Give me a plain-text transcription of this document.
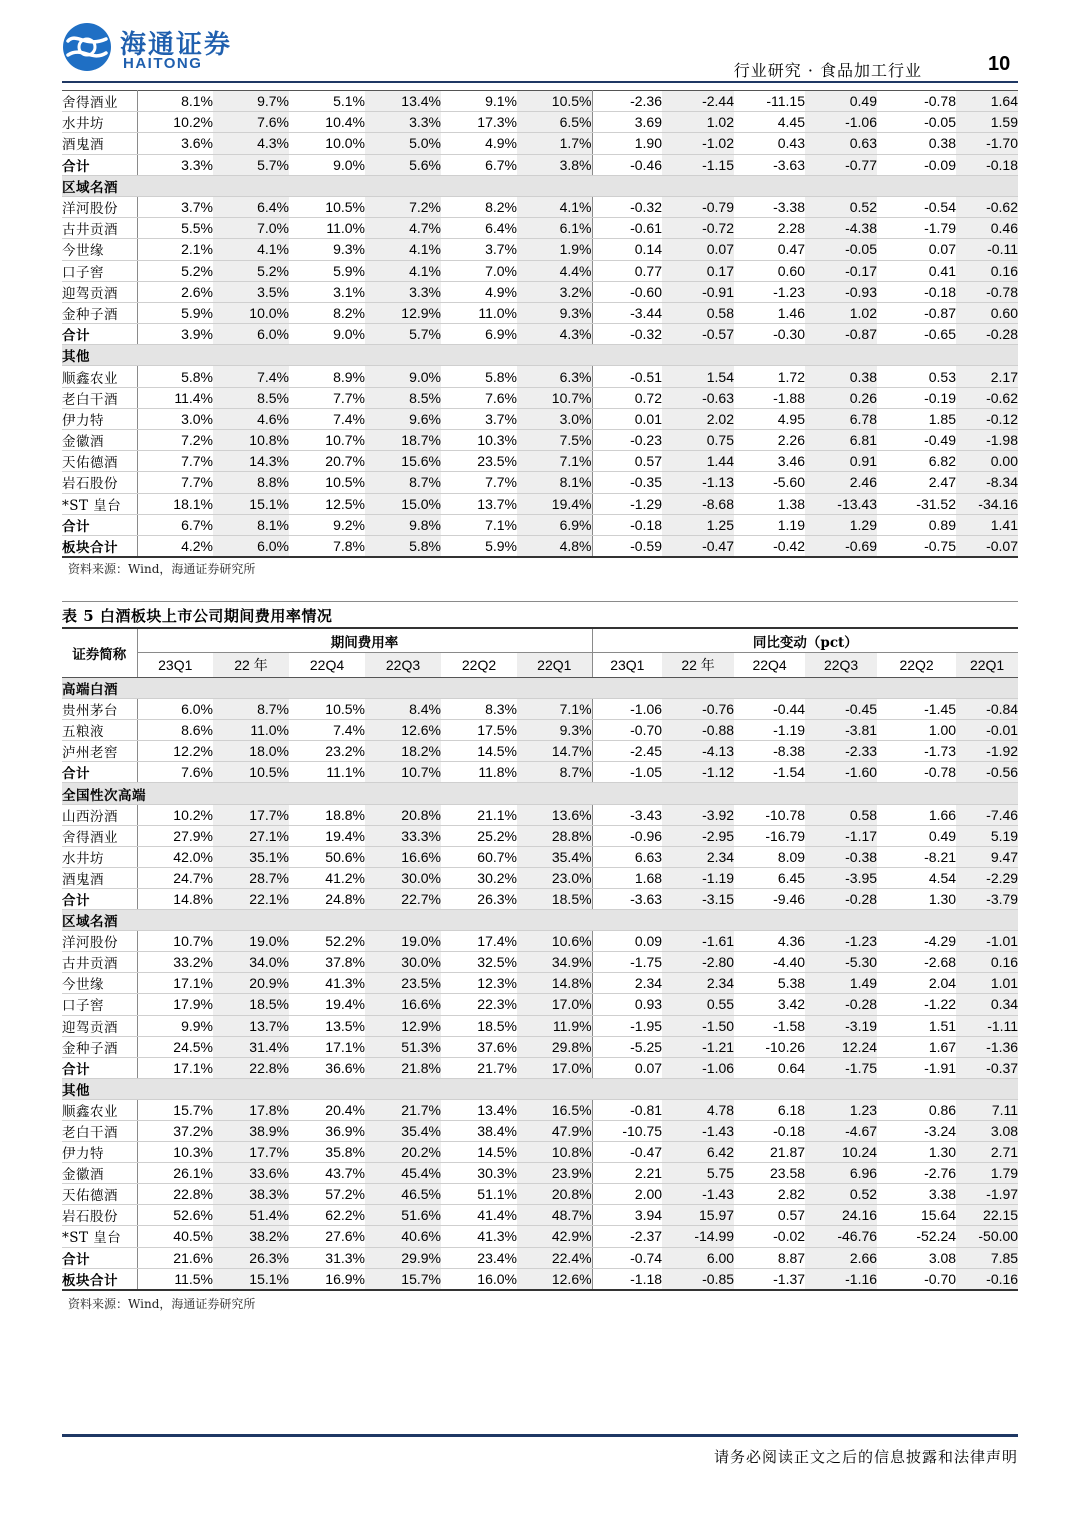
海通证券
HAITONG	行业研究 · 食品加工行业	10
舍得酒业	8.1%	9.7%	5.1%	13.4%	9.1%	10.5%	-2.36	-2.44	-11.15	0.49	-0.78	1.64
水井坊	10.2%	7.6%	10.4%	3.3%	17.3%	6.5%	3.69	1.02	4.45	-1.06	-0.05	1.59
酒鬼酒	3.6%	4.3%	10.0%	5.0%	4.9%	1.7%	1.90	-1.02	0.43	0.63	0.38	-1.70
合计	3.3%	5.7%	9.0%	5.6%	6.7%	3.8%	-0.46	-1.15	-3.63	-0.77	-0.09	-0.18
区域名酒												
洋河股份	3.7%	6.4%	10.5%	7.2%	8.2%	4.1%	-0.32	-0.79	-3.38	0.52	-0.54	-0.62
古井贡酒	5.5%	7.0%	11.0%	4.7%	6.4%	6.1%	-0.61	-0.72	2.28	-4.38	-1.79	0.46
今世缘	2.1%	4.1%	9.3%	4.1%	3.7%	1.9%	0.14	0.07	0.47	-0.05	0.07	-0.11
口子窖	5.2%	5.2%	5.9%	4.1%	7.0%	4.4%	0.77	0.17	0.60	-0.17	0.41	0.16
迎驾贡酒	2.6%	3.5%	3.1%	3.3%	4.9%	3.2%	-0.60	-0.91	-1.23	-0.93	-0.18	-0.78
金种子酒	5.9%	10.0%	8.2%	12.9%	11.0%	9.3%	-3.44	0.58	1.46	1.02	-0.87	0.60
合计	3.9%	6.0%	9.0%	5.7%	6.9%	4.3%	-0.32	-0.57	-0.30	-0.87	-0.65	-0.28
其他												
顺鑫农业	5.8%	7.4%	8.9%	9.0%	5.8%	6.3%	-0.51	1.54	1.72	0.38	0.53	2.17
老白干酒	11.4%	8.5%	7.7%	8.5%	7.6%	10.7%	0.72	-0.63	-1.88	0.26	-0.19	-0.62
伊力特	3.0%	4.6%	7.4%	9.6%	3.7%	3.0%	0.01	2.02	4.95	6.78	1.85	-0.12
金徽酒	7.2%	10.8%	10.7%	18.7%	10.3%	7.5%	-0.23	0.75	2.26	6.81	-0.49	-1.98
天佑德酒	7.7%	14.3%	20.7%	15.6%	23.5%	7.1%	0.57	1.44	3.46	0.91	6.82	0.00
岩石股份	7.7%	8.8%	10.5%	8.7%	7.7%	8.1%	-0.35	-1.13	-5.60	2.46	2.47	-8.34
*ST 皇台	18.1%	15.1%	12.5%	15.0%	13.7%	19.4%	-1.29	-8.68	1.38	-13.43	-31.52	-34.16
合计	6.7%	8.1%	9.2%	9.8%	7.1%	6.9%	-0.18	1.25	1.19	1.29	0.89	1.41
板块合计	4.2%	6.0%	7.8%	5.8%	5.9%	4.8%	-0.59	-0.47	-0.42	-0.69	-0.75	-0.07
资料来源：Wind，海通证券研究所
表 5 白酒板块上市公司期间费用率情况
证券简称	期间费用率						同比变动（pct）					
	23Q1	22 年	22Q4	22Q3	22Q2	22Q1	23Q1	22 年	22Q4	22Q3	22Q2	22Q1
高端白酒												
贵州茅台	6.0%	8.7%	10.5%	8.4%	8.3%	7.1%	-1.06	-0.76	-0.44	-0.45	-1.45	-0.84
五粮液	8.6%	11.0%	7.4%	12.6%	17.5%	9.3%	-0.70	-0.88	-1.19	-3.81	1.00	-0.01
泸州老窖	12.2%	18.0%	23.2%	18.2%	14.5%	14.7%	-2.45	-4.13	-8.38	-2.33	-1.73	-1.92
合计	7.6%	10.5%	11.1%	10.7%	11.8%	8.7%	-1.05	-1.12	-1.54	-1.60	-0.78	-0.56
全国性次高端												
山西汾酒	10.2%	17.7%	18.8%	20.8%	21.1%	13.6%	-3.43	-3.92	-10.78	0.58	1.66	-7.46
舍得酒业	27.9%	27.1%	19.4%	33.3%	25.2%	28.8%	-0.96	-2.95	-16.79	-1.17	0.49	5.19
水井坊	42.0%	35.1%	50.6%	16.6%	60.7%	35.4%	6.63	2.34	8.09	-0.38	-8.21	9.47
酒鬼酒	24.7%	28.7%	41.2%	30.0%	30.2%	23.0%	1.68	-1.19	6.45	-3.95	4.54	-2.29
合计	14.8%	22.1%	24.8%	22.7%	26.3%	18.5%	-3.63	-3.15	-9.46	-0.28	1.30	-3.79
区域名酒												
洋河股份	10.7%	19.0%	52.2%	19.0%	17.4%	10.6%	0.09	-1.61	4.36	-1.23	-4.29	-1.01
古井贡酒	33.2%	34.0%	37.8%	30.0%	32.5%	34.9%	-1.75	-2.80	-4.40	-5.30	-2.68	0.16
今世缘	17.1%	20.9%	41.3%	23.5%	12.3%	14.8%	2.34	2.34	5.38	1.49	2.04	1.01
口子窖	17.9%	18.5%	19.4%	16.6%	22.3%	17.0%	0.93	0.55	3.42	-0.28	-1.22	0.34
迎驾贡酒	9.9%	13.7%	13.5%	12.9%	18.5%	11.9%	-1.95	-1.50	-1.58	-3.19	1.51	-1.11
金种子酒	24.5%	31.4%	17.1%	51.3%	37.6%	29.8%	-5.25	-1.21	-10.26	12.24	1.67	-1.36
合计	17.1%	22.8%	36.6%	21.8%	21.7%	17.0%	0.07	-1.06	0.64	-1.75	-1.91	-0.37
其他												
顺鑫农业	15.7%	17.8%	20.4%	21.7%	13.4%	16.5%	-0.81	4.78	6.18	1.23	0.86	7.11
老白干酒	37.2%	38.9%	36.9%	35.4%	38.4%	47.9%	-10.75	-1.43	-0.18	-4.67	-3.24	3.08
伊力特	10.3%	17.7%	35.8%	20.2%	14.5%	10.8%	-0.47	6.42	21.87	10.24	1.30	2.71
金徽酒	26.1%	33.6%	43.7%	45.4%	30.3%	23.9%	2.21	5.75	23.58	6.96	-2.76	1.79
天佑德酒	22.8%	38.3%	57.2%	46.5%	51.1%	20.8%	2.00	-1.43	2.82	0.52	3.38	-1.97
岩石股份	52.6%	51.4%	62.2%	51.6%	41.4%	48.7%	3.94	15.97	0.57	24.16	15.64	22.15
*ST 皇台	40.5%	38.2%	27.6%	40.6%	41.3%	42.9%	-2.37	-14.99	-0.02	-46.76	-52.24	-50.00
合计	21.6%	26.3%	31.3%	29.9%	23.4%	22.4%	-0.74	6.00	8.87	2.66	3.08	7.85
板块合计	11.5%	15.1%	16.9%	15.7%	16.0%	12.6%	-1.18	-0.85	-1.37	-1.16	-0.70	-0.16
资料来源：Wind，海通证券研究所
请务必阅读正文之后的信息披露和法律声明
